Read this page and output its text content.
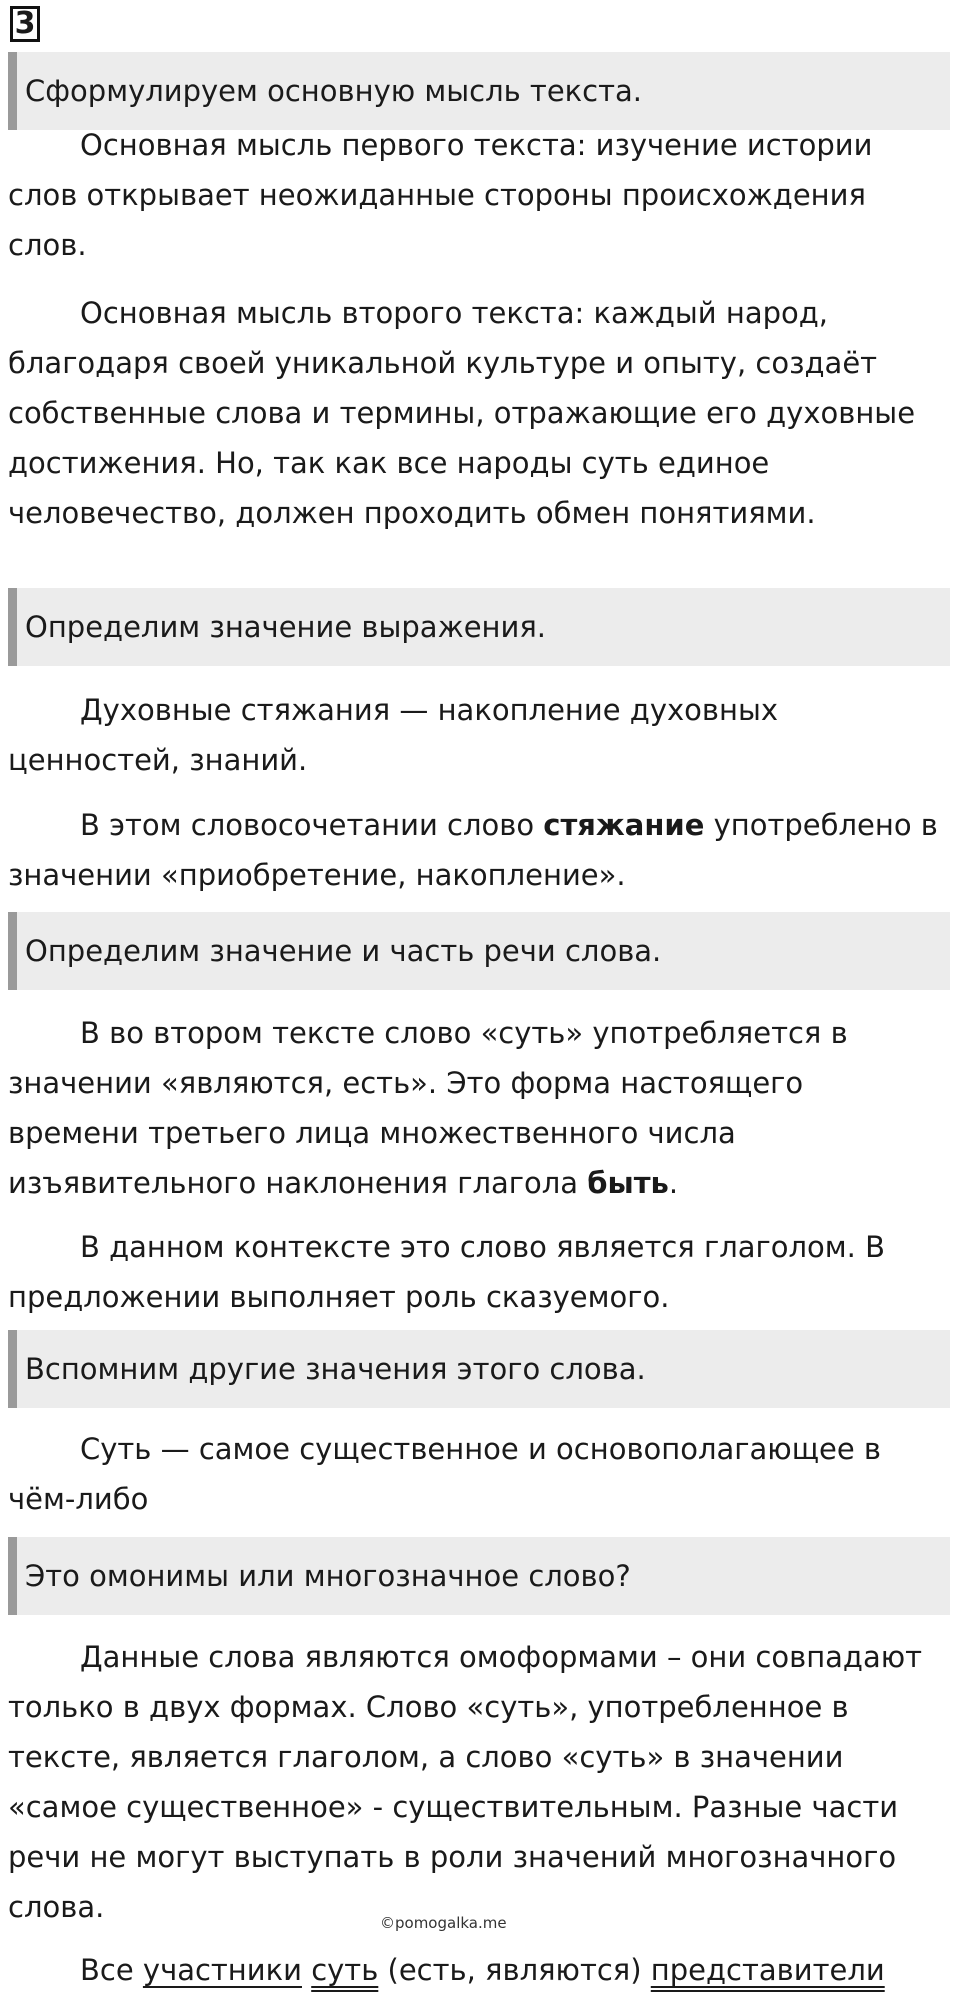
3
Сформулируем основную мысль текста.

Основная мысль первого текста: изучение истории слов открывает неожиданные стороны происхождения слов.

Основная мысль второго текста: каждый народ, благодаря своей уникальной культуре и опыту, создаёт собственные слова и термины, отражающие его духовные достижения. Но, так как все народы суть единое человечество, должен проходить обмен понятиями.

Определим значение выражения.

Духовные стяжания — накопление духовных ценностей, знаний.

В этом словосочетании слово стяжание употреблено в значении «приобретение, накопление».

Определим значение и часть речи слова.

В во втором тексте слово «суть» употребляется в значении «являются, есть». Это форма настоящего времени третьего лица множественного числа изъявительного наклонения глагола быть.

В данном контексте это слово является глаголом. В предложении выполняет роль сказуемого.

Вспомним другие значения этого слова.

Суть — самое существенное и основополагающее в чём-либо

Это омонимы или многозначное слово?

Данные слова являются омоформами – они совпадают только в двух формах. Слово «суть», употребленное в тексте, является глаголом, а слово «суть» в значении «самое существенное» - существительным. Разные части речи не могут выступать в роли значений многозначного слова.	©pomogalka.me

Все участники суть (есть, являются) представители
